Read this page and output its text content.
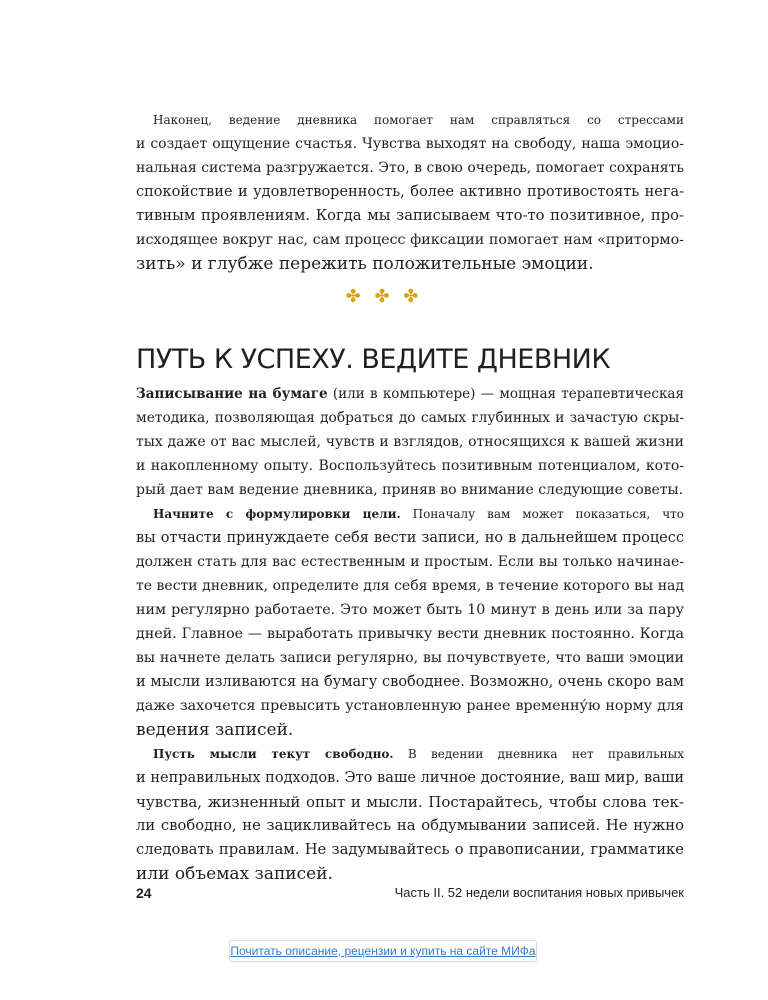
Наконец, ведение дневника помогает нам справляться со стрессами
и создает ощущение счастья. Чувства выходят на свободу, наша эмоцио-
нальная система разгружается. Это, в свою очередь, помогает сохранять
спокойствие и удовлетворенность, более активно противостоять нега-
тивным проявлениям. Когда мы записываем что-то позитивное, про-
исходящее вокруг нас, сам процесс фиксации помогает нам «притормо-
зить» и глубже пережить положительные эмоции.

✤ ✤ ✤
ПУТЬ К УСПЕХУ. ВЕДИТЕ ДНЕВНИК

Записывание на бумаге (или в компьютере) — мощная терапевтическая
методика, позволяющая добраться до самых глубинных и зачастую скры-
тых даже от вас мыслей, чувств и взглядов, относящихся к вашей жизни
и накопленному опыту. Воспользуйтесь позитивным потенциалом, кото-
рый дает вам ведение дневника, приняв во внимание следующие советы.

Начните с формулировки цели. Поначалу вам может показаться, что
вы отчасти принуждаете себя вести записи, но в дальнейшем процесс
должен стать для вас естественным и простым. Если вы только начинае-
те вести дневник, определите для себя время, в течение которого вы над
ним регулярно работаете. Это может быть 10 минут в день или за пару
дней. Главное — выработать привычку вести дневник постоянно. Когда
вы начнете делать записи регулярно, вы почувствуете, что ваши эмоции
и мысли изливаются на бумагу свободнее. Возможно, очень скоро вам
даже захочется превысить установленную ранее временну́ю норму для
ведения записей.

Пусть мысли текут свободно. В ведении дневника нет правильных
и неправильных подходов. Это ваше личное достояние, ваш мир, ваши
чувства, жизненный опыт и мысли. Постарайтесь, чтобы слова тек-
ли свободно, не зацикливайтесь на обдумывании записей. Не нужно
следовать правилам. Не задумывайтесь о правописании, грамматике
или объемах записей.

24	Часть II. 52 недели воспитания новых привычек
Почитать описание, рецензии и купить на сайте МИФа
